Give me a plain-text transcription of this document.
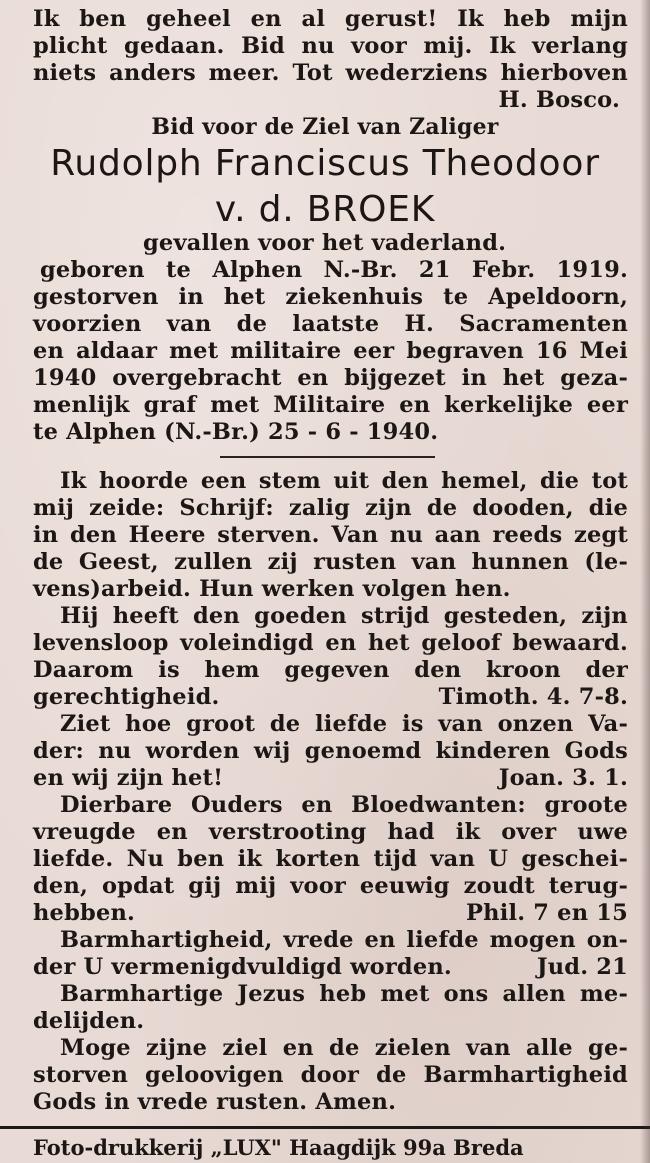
Ik ben geheel en al gerust! Ik heb mijn
plicht gedaan. Bid nu voor mij. Ik verlang
niets anders meer. Tot wederziens hierboven
H. Bosco.
Bid voor de Ziel van Zaliger
Rudolph Franciscus Theodoor
v. d. BROEK
gevallen voor het vaderland.
geboren te Alphen N.-Br. 21 Febr. 1919.
gestorven in het ziekenhuis te Apeldoorn,
voorzien van de laatste H. Sacramenten
en aldaar met militaire eer begraven 16 Mei
1940 overgebracht en bijgezet in het geza-
menlijk graf met Militaire en kerkelijke eer
te Alphen (N.-Br.) 25 - 6 - 1940.
Ik hoorde een stem uit den hemel, die tot
mij zeide: Schrijf: zalig zijn de dooden, die
in den Heere sterven. Van nu aan reeds zegt
de Geest, zullen zij rusten van hunnen (le-
vens)arbeid. Hun werken volgen hen.
Hij heeft den goeden strijd gesteden, zijn
levensloop voleindigd en het geloof bewaard.
Daarom is hem gegeven den kroon der
gerechtigheid.	Timoth. 4. 7-8.
Ziet hoe groot de liefde is van onzen Va-
der: nu worden wij genoemd kinderen Gods
en wij zijn het!	Joan. 3. 1.
Dierbare Ouders en Bloedwanten: groote
vreugde en verstrooting had ik over uwe
liefde. Nu ben ik korten tijd van U geschei-
den, opdat gij mij voor eeuwig zoudt terug-
hebben.	Phil. 7 en 15
Barmhartigheid, vrede en liefde mogen on-
der U vermenigdvuldigd worden.	Jud. 21
Barmhartige Jezus heb met ons allen me-
delijden.
Moge zijne ziel en de zielen van alle ge-
storven geloovigen door de Barmhartigheid
Gods in vrede rusten. Amen.
Foto-drukkerij „LUX" Haagdijk 99a Breda
